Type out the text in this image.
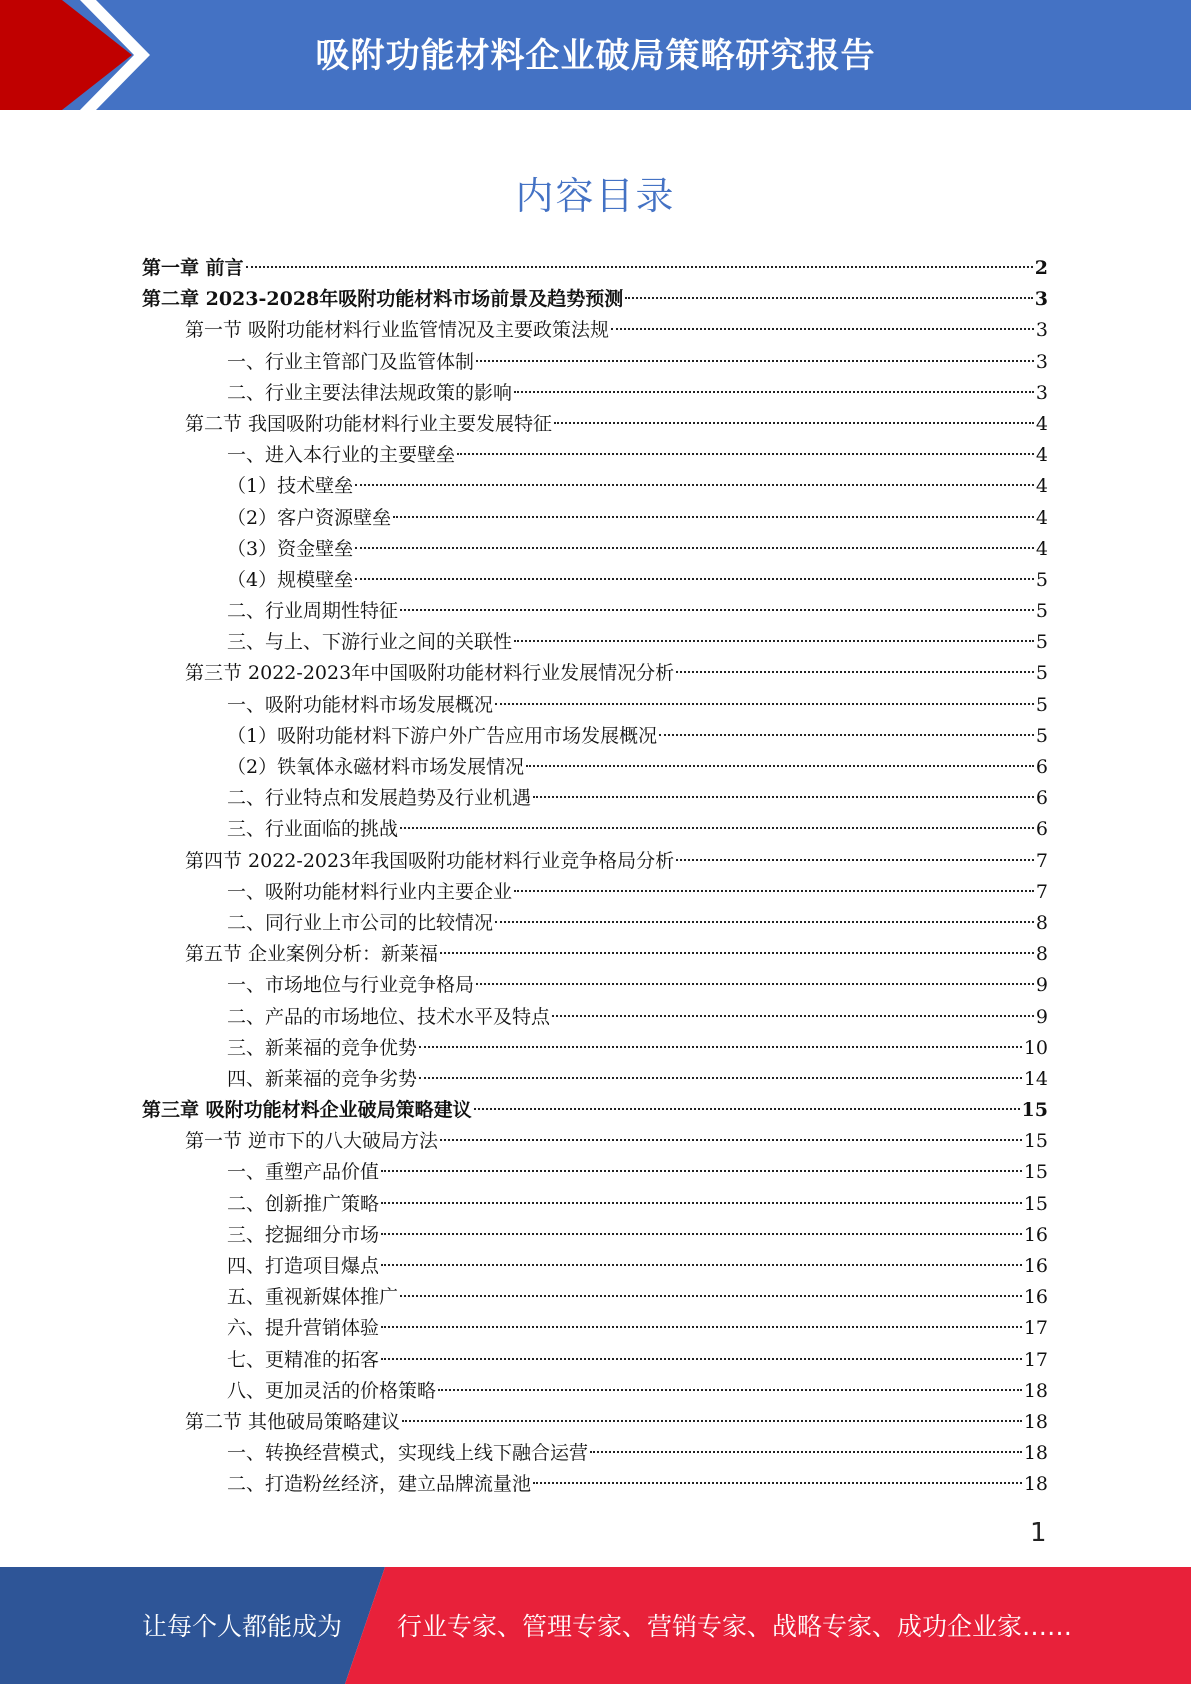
吸附功能材料企业破局策略研究报告
内容目录
第一章 前言	2
第二章 2023-2028年吸附功能材料市场前景及趋势预测	3
第一节 吸附功能材料行业监管情况及主要政策法规	3
一、行业主管部门及监管体制	3
二、行业主要法律法规政策的影响	3
第二节 我国吸附功能材料行业主要发展特征	4
一、进入本行业的主要壁垒	4
（1）技术壁垒	4
（2）客户资源壁垒	4
（3）资金壁垒	4
（4）规模壁垒	5
二、行业周期性特征	5
三、与上、下游行业之间的关联性	5
第三节 2022-2023年中国吸附功能材料行业发展情况分析	5
一、吸附功能材料市场发展概况	5
（1）吸附功能材料下游户外广告应用市场发展概况	5
（2）铁氧体永磁材料市场发展情况	6
二、行业特点和发展趋势及行业机遇	6
三、行业面临的挑战	6
第四节 2022-2023年我国吸附功能材料行业竞争格局分析	7
一、吸附功能材料行业内主要企业	7
二、同行业上市公司的比较情况	8
第五节 企业案例分析：新莱福	8
一、市场地位与行业竞争格局	9
二、产品的市场地位、技术水平及特点	9
三、新莱福的竞争优势	10
四、新莱福的竞争劣势	14
第三章 吸附功能材料企业破局策略建议	15
第一节 逆市下的八大破局方法	15
一、重塑产品价值	15
二、创新推广策略	15
三、挖掘细分市场	16
四、打造项目爆点	16
五、重视新媒体推广	16
六、提升营销体验	17
七、更精准的拓客	17
八、更加灵活的价格策略	18
第二节 其他破局策略建议	18
一、转换经营模式，实现线上线下融合运营	18
二、打造粉丝经济，建立品牌流量池	18
1
让每个人都能成为 行业专家、管理专家、营销专家、战略专家、成功企业家……
